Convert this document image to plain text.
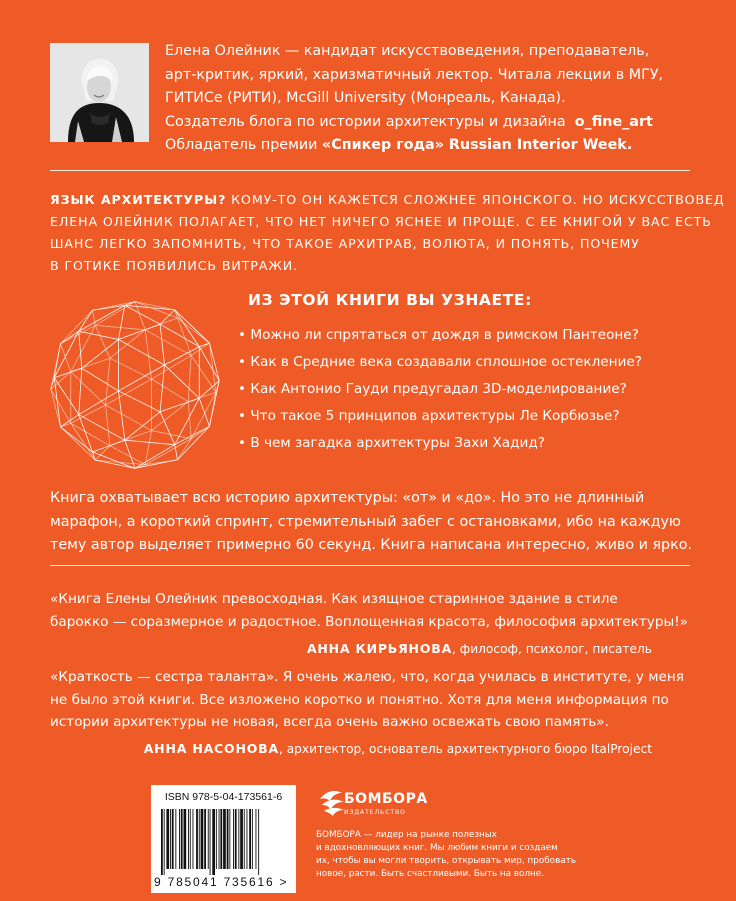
Елена Олейник — кандидат искусствоведения, преподаватель,

арт-критик, яркий, харизматичный лектор. Читала лекции в МГУ,

ГИТИСе (РИТИ), McGill University (Монреаль, Канада).

Создатель блога по истории архитектуры и дизайна o_fine_art

Обладатель премии «Спикер года» Russian Interior Week.

ЯЗЫК АРХИТЕКТУРЫ? КОМУ-ТО ОН КАЖЕТСЯ СЛОЖНЕЕ ЯПОНСКОГО. НО ИСКУССТВОВЕД

ЕЛЕНА ОЛЕЙНИК ПОЛАГАЕТ, ЧТО НЕТ НИЧЕГО ЯСНЕЕ И ПРОЩЕ. С ЕЕ КНИГОЙ У ВАС ЕСТЬ

ШАНС ЛЕГКО ЗАПОМНИТЬ, ЧТО ТАКОЕ АРХИТРАВ, ВОЛЮТА, И ПОНЯТЬ, ПОЧЕМУ

В ГОТИКЕ ПОЯВИЛИСЬ ВИТРАЖИ.

ИЗ ЭТОЙ КНИГИ ВЫ УЗНАЕТЕ:
• Можно ли спрятаться от дождя в римском Пантеоне?
• Как в Средние века создавали сплошное остекление?
• Как Антонио Гауди предугадал 3D-моделирование?
• Что такое 5 принципов архитектуры Ле Корбюзье?
• В чем загадка архитектуры Захи Хадид?

Книга охватывает всю историю архитектуры: «от» и «до». Но это не длинный

марафон, а короткий спринт, стремительный забег с остановками, ибо на каждую

тему автор выделяет примерно 60 секунд. Книга написана интересно, живо и ярко.

«Книга Елены Олейник превосходная. Как изящное старинное здание в стиле

барокко — соразмерное и радостное. Воплощенная красота, философия архитектуры!»

АННА КИРЬЯНОВА, философ, психолог, писатель

«Краткость — сестра таланта». Я очень жалею, что, когда училась в институте, у меня

не было этой книги. Все изложено коротко и понятно. Хотя для меня информация по

истории архитектуры не новая, всегда очень важно освежать свою память».

АННА НАСОНОВА, архитектор, основатель архитектурного бюро ItalProject
ISBN 978-5-04-173561-6
9 785041 735616 >
БОМБОРА
ИЗДАТЕЛЬСТВО

БОМБОРА — лидер на рынке полезных

и вдохновляющих книг. Мы любим книги и создаем

их, чтобы вы могли творить, открывать мир, пробовать

новое, расти. Быть счастливыми. Быть на волне.
